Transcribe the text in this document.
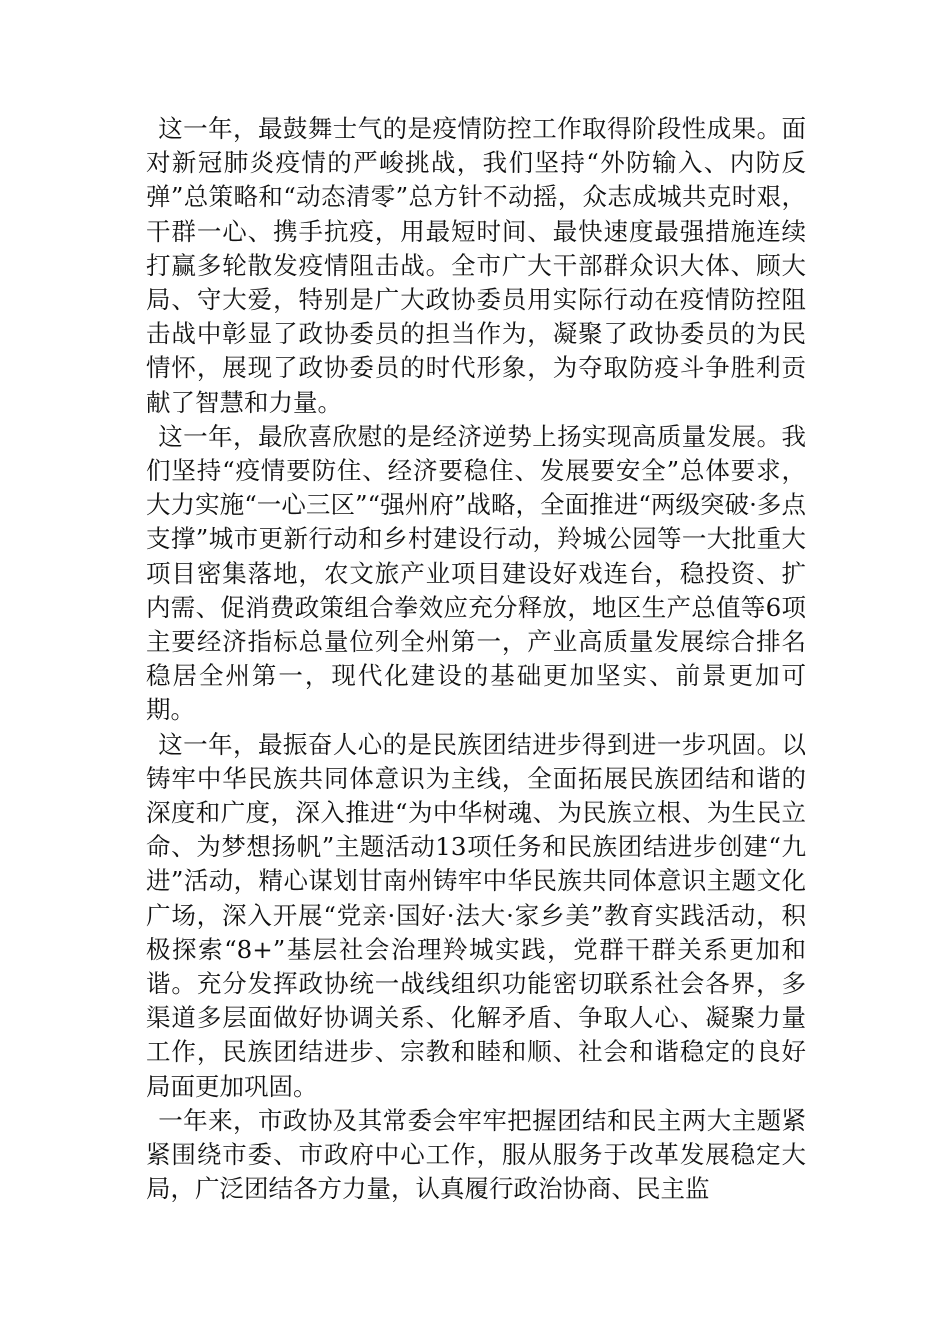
这一年，最鼓舞士气的是疫情防控工作取得阶段性成果。面对新冠肺炎疫情的严峻挑战，我们坚持“外防输入、内防反弹”总策略和“动态清零”总方针不动摇，众志成城共克时艰，干群一心、携手抗疫，用最短时间、最快速度最强措施连续打赢多轮散发疫情阻击战。全市广大干部群众识大体、顾大局、守大爱，特别是广大政协委员用实际行动在疫情防控阻击战中彰显了政协委员的担当作为，凝聚了政协委员的为民情怀，展现了政协委员的时代形象，为夺取防疫斗争胜利贡献了智慧和力量。

这一年，最欣喜欣慰的是经济逆势上扬实现高质量发展。我们坚持“疫情要防住、经济要稳住、发展要安全”总体要求，大力实施“一心三区”“强州府”战略，全面推进“两级突破·多点支撑”城市更新行动和乡村建设行动，羚城公园等一大批重大项目密集落地，农文旅产业项目建设好戏连台，稳投资、扩内需、促消费政策组合拳效应充分释放，地区生产总值等6项主要经济指标总量位列全州第一，产业高质量发展综合排名稳居全州第一，现代化建设的基础更加坚实、前景更加可期。

这一年，最振奋人心的是民族团结进步得到进一步巩固。以铸牢中华民族共同体意识为主线，全面拓展民族团结和谐的深度和广度，深入推进“为中华树魂、为民族立根、为生民立命、为梦想扬帆”主题活动13项任务和民族团结进步创建“九进”活动，精心谋划甘南州铸牢中华民族共同体意识主题文化广场，深入开展“党亲·国好·法大·家乡美”教育实践活动，积极探索“8+”基层社会治理羚城实践，党群干群关系更加和谐。充分发挥政协统一战线组织功能密切联系社会各界，多渠道多层面做好协调关系、化解矛盾、争取人心、凝聚力量工作，民族团结进步、宗教和睦和顺、社会和谐稳定的良好局面更加巩固。

一年来，市政协及其常委会牢牢把握团结和民主两大主题紧紧围绕市委、市政府中心工作，服从服务于改革发展稳定大局，广泛团结各方力量，认真履行政治协商、民主监
